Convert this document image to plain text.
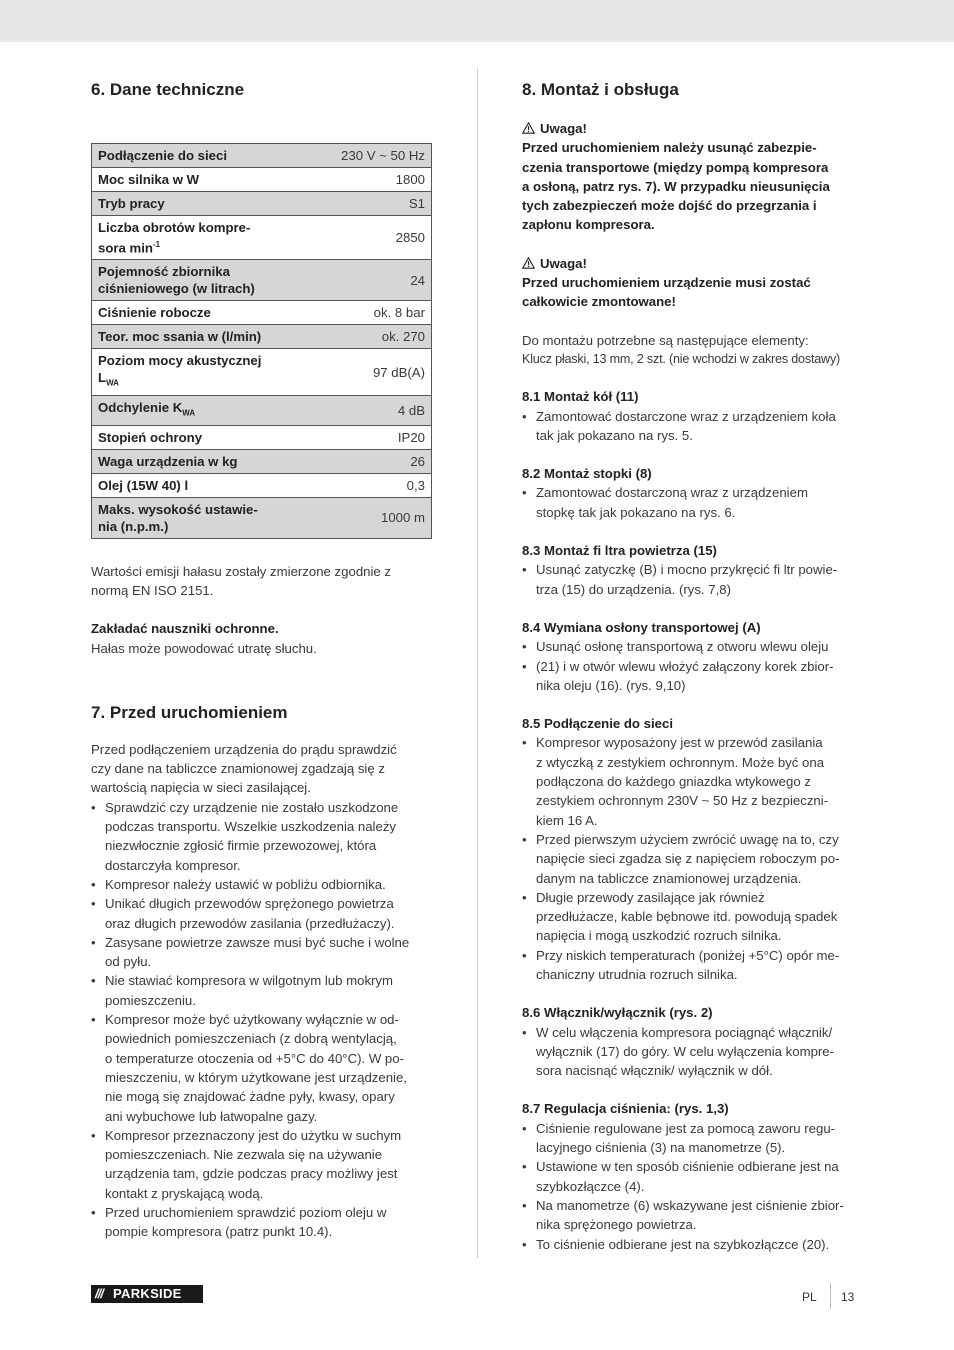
6. Dane techniczne
Podłączenie do sieci	230 V ~ 50 Hz
Moc silnika w W	1800
Tryb pracy	S1
Liczba obrotów kompre-
sora $\min^{-1}$	2850
Pojemność zbiornika
ciśnieniowego (w litrach)	24
Ciśnienie robocze	ok. 8 bar
Teor. moc ssania w (l/min)	ok. 270
Poziom mocy akustycznej
$L_{WA}$	97 dB(A)
Odchylenie $K_{WA}$	4 dB
Stopień ochrony	IP20
Waga urządzenia w kg	26
Olej (15W 40) l	0,3
Maks. wysokość ustawie-
nia (n.p.m.)	1000 m

Wartości emisji hałasu zostały zmierzone zgodnie z
normą EN ISO 2151.

Zakładać nauszniki ochronne.

Hałas może powodować utratę słuchu.

7. Przed uruchomieniem

Przed podłączeniem urządzenia do prądu sprawdzić
czy dane na tabliczce znamionowej zgadzają się z
wartością napięcia w sieci zasilającej.

• Sprawdzić czy urządzenie nie zostało uszkodzone
podczas transportu. Wszelkie uszkodzenia należy
niezwłocznie zgłosić firmie przewozowej, która
dostarczyła kompresor.
• Kompresor należy ustawić w pobliżu odbiornika.
• Unikać długich przewodów sprężonego powietrza
oraz długich przewodów zasilania (przedłużaczy).
• Zasysane powietrze zawsze musi być suche i wolne
od pyłu.
• Nie stawiać kompresora w wilgotnym lub mokrym
pomieszczeniu.
• Kompresor może być użytkowany wyłącznie w od-
powiednich pomieszczeniach (z dobrą wentylacją,
o temperaturze otoczenia od +5°C do 40°C). W po-
mieszczeniu, w którym użytkowane jest urządzenie,
nie mogą się znajdować żadne pyły, kwasy, opary
ani wybuchowe lub łatwopalne gazy.
• Kompresor przeznaczony jest do użytku w suchym
pomieszczeniach. Nie zezwala się na używanie
urządzenia tam, gdzie podczas pracy możliwy jest
kontakt z pryskającą wodą.
• Przed uruchomieniem sprawdzić poziom oleju w
pompie kompresora (patrz punkt 10.4).
8. Montaż i obsługa

Uwaga!

Przed uruchomieniem należy usunąć zabezpie-
czenia transportowe (między pompą kompresora
a osłoną, patrz rys. 7). W przypadku nieusunięcia
tych zabezpieczeń może dojść do przegrzania i
zapłonu kompresora.

Uwaga!

Przed uruchomieniem urządzenie musi zostać
całkowicie zmontowane!

Do montażu potrzebne są następujące elementy:

Klucz płaski, 13 mm, 2 szt. (nie wchodzi w zakres dostawy)

8.1 Montaż kół (11)

• Zamontować dostarczone wraz z urządzeniem koła
tak jak pokazano na rys. 5.

8.2 Montaż stopki (8)

• Zamontować dostarczoną wraz z urządzeniem
stopkę tak jak pokazano na rys. 6.

8.3 Montaż fi ltra powietrza (15)

• Usunąć zatyczkę (B) i mocno przykręcić fi ltr powie-
trza (15) do urządzenia. (rys. 7,8)

8.4 Wymiana osłony transportowej (A)

• Usunąć osłonę transportową z otworu wlewu oleju
• (21) i w otwór wlewu włożyć załączony korek zbior-
nika oleju (16). (rys. 9,10)

8.5 Podłączenie do sieci

• Kompresor wyposażony jest w przewód zasilania
z wtyczką z zestykiem ochronnym. Może być ona
podłączona do każdego gniazdka wtykowego z
zestykiem ochronnym 230V ~ 50 Hz z bezpieczni-
kiem 16 A.
• Przed pierwszym użyciem zwrócić uwagę na to, czy
napięcie sieci zgadza się z napięciem roboczym po-
danym na tabliczce znamionowej urządzenia.
• Długie przewody zasilające jak również
przedłużacze, kable bębnowe itd. powodują spadek
napięcia i mogą uszkodzić rozruch silnika.
• Przy niskich temperaturach (poniżej +5°C) opór me-
chaniczny utrudnia rozruch silnika.

8.6 Włącznik/wyłącznik (rys. 2)

• W celu włączenia kompresora pociągnąć włącznik/
wyłącznik (17) do góry. W celu wyłączenia kompre-
sora nacisnąć włącznik/ wyłącznik w dół.

8.7 Regulacja ciśnienia: (rys. 1,3)

• Ciśnienie regulowane jest za pomocą zaworu regu-
lacyjnego ciśnienia (3) na manometrze (5).
• Ustawione w ten sposób ciśnienie odbierane jest na
szybkozłączce (4).
• Na manometrze (6) wskazywane jest ciśnienie zbior-
nika sprężonego powietrza.
• To ciśnienie odbierane jest na szybkozłączce (20).
/// PARKSIDE	PL 13
